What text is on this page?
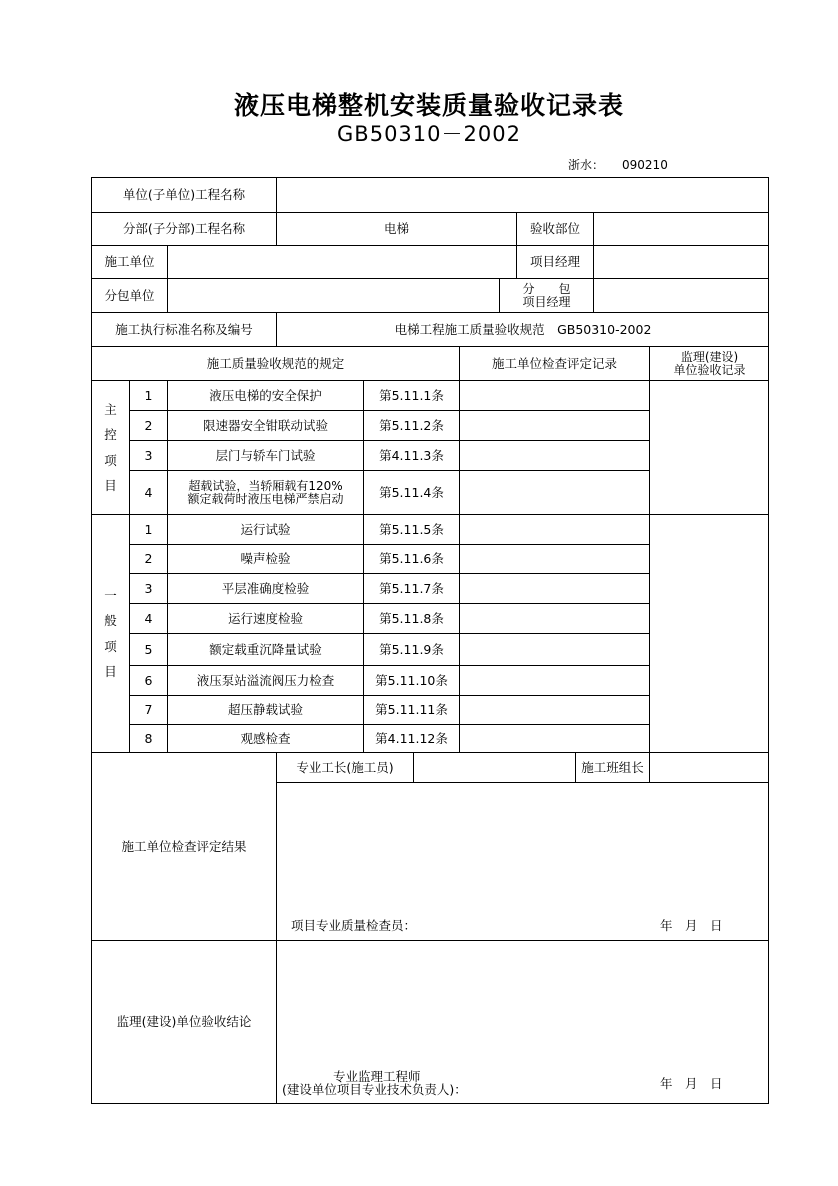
液压电梯整机安装质量验收记录表
GB50310－2002
浙水： 090210
单位(子单位)工程名称
分部(子分部)工程名称	电梯	验收部位
施工单位	项目经理
分包单位	分　　包
项目经理
施工执行标准名称及编号	电梯工程施工质量验收规范　GB50310-2002
施工质量验收规范的规定	施工单位检查评定记录	监理(建设)
单位验收记录
主
控
项
目
1	液压电梯的安全保护	第5.11.1条
2	限速器安全钳联动试验	第5.11.2条
3	层门与轿车门试验	第4.11.3条
4	超载试验，当轿厢载有120%
额定载荷时液压电梯严禁启动	第5.11.4条
一
般
项
目
1	运行试验	第5.11.5条
2	噪声检验	第5.11.6条
3	平层准确度检验	第5.11.7条
4	运行速度检验	第5.11.8条
5	额定载重沉降量试验	第5.11.9条
6	液压泵站溢流阀压力检查	第5.11.10条
7	超压静载试验	第5.11.11条
8	观感检查	第4.11.12条
施工单位检查评定结果
专业工长(施工员)	施工班组长
项目专业质量检查员：	年　月　日
监理(建设)单位验收结论
专业监理工程师
(建设单位项目专业技术负责人)：	年　月　日
